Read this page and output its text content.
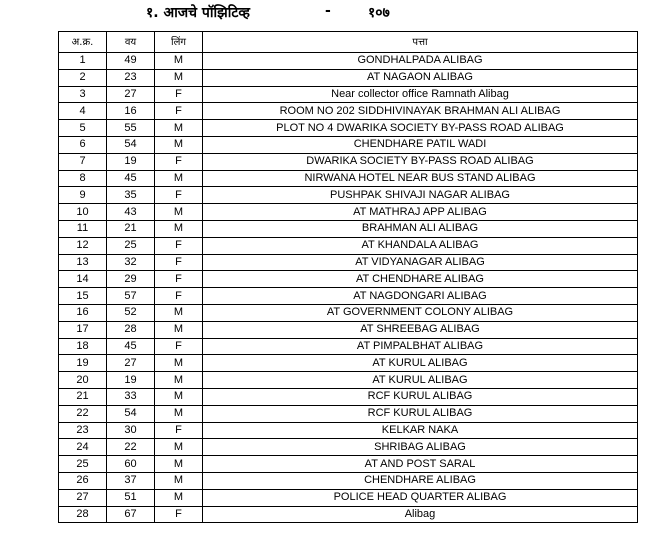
१. आजचे पॉझिटिव्ह	-	१०७
अ.क्र.	वय	लिंग	पत्ता
1	49	M	GONDHALPADA ALIBAG
2	23	M	AT NAGAON ALIBAG
3	27	F	Near collector office Ramnath Alibag
4	16	F	ROOM NO 202 SIDDHIVINAYAK BRAHMAN ALI ALIBAG
5	55	M	PLOT NO 4 DWARIKA SOCIETY BY-PASS ROAD ALIBAG
6	54	M	CHENDHARE PATIL WADI
7	19	F	DWARIKA SOCIETY BY-PASS ROAD ALIBAG
8	45	M	NIRWANA HOTEL NEAR BUS STAND ALIBAG
9	35	F	PUSHPAK SHIVAJI NAGAR ALIBAG
10	43	M	AT MATHRAJ APP ALIBAG
11	21	M	BRAHMAN ALI ALIBAG
12	25	F	AT KHANDALA ALIBAG
13	32	F	AT VIDYANAGAR ALIBAG
14	29	F	AT CHENDHARE ALIBAG
15	57	F	AT NAGDONGARI ALIBAG
16	52	M	AT GOVERNMENT COLONY ALIBAG
17	28	M	AT SHREEBAG ALIBAG
18	45	F	AT PIMPALBHAT ALIBAG
19	27	M	AT KURUL ALIBAG
20	19	M	AT KURUL ALIBAG
21	33	M	RCF KURUL ALIBAG
22	54	M	RCF KURUL ALIBAG
23	30	F	KELKAR NAKA
24	22	M	SHRIBAG ALIBAG
25	60	M	AT AND POST SARAL
26	37	M	CHENDHARE ALIBAG
27	51	M	POLICE HEAD QUARTER ALIBAG
28	67	F	Alibag
